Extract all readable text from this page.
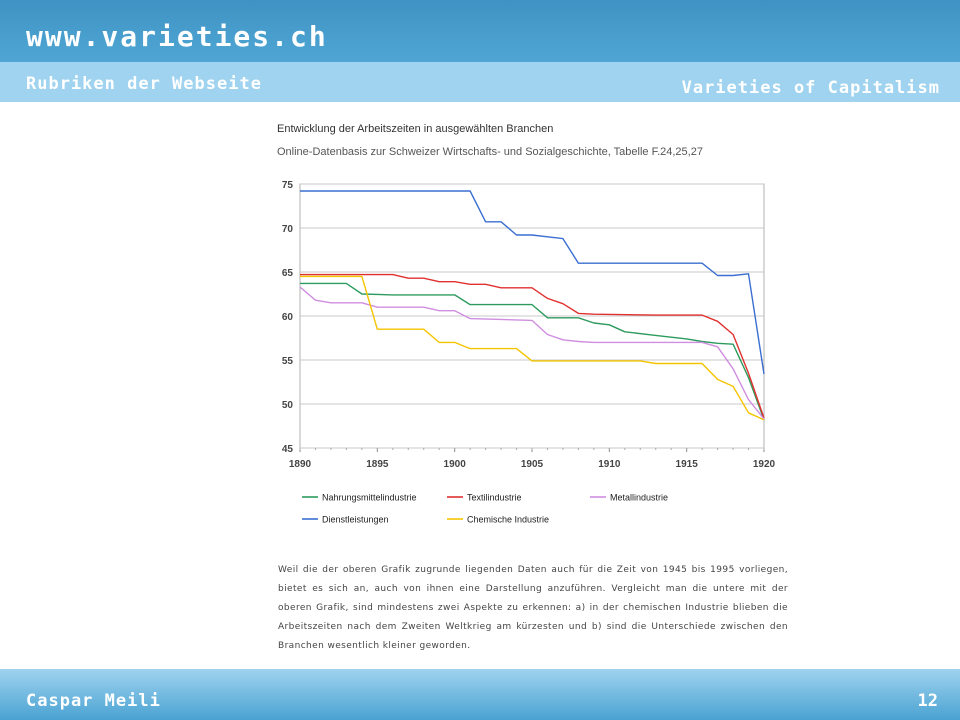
www.varieties.ch
Rubriken der Webseite	Varieties of Capitalism
Entwicklung der Arbeitszeiten in ausgewählten Branchen
Online-Datenbasis zur Schweizer Wirtschafts- und Sozialgeschichte, Tabelle F.24,25,27
75
70
65
60
55
50
45
1890	1895	1900	1905	1910	1915	1920
Nahrungsmittelindustrie	Textilindustrie	Metallindustrie
Dienstleistungen	Chemische Industrie
Weil die der oberen Grafik zugrunde liegenden Daten auch für die Zeit von 1945 bis 1995 vorliegen, bietet es sich an, auch von ihnen eine Darstellung anzuführen. Vergleicht man die untere mit der oberen Grafik, sind mindestens zwei Aspekte zu erkennen: a) in der chemischen Industrie blieben die Arbeitszeiten nach dem Zweiten Weltkrieg am kürzesten und b) sind die Unterschiede zwischen den Branchen wesentlich kleiner geworden.
Caspar Meili	12
